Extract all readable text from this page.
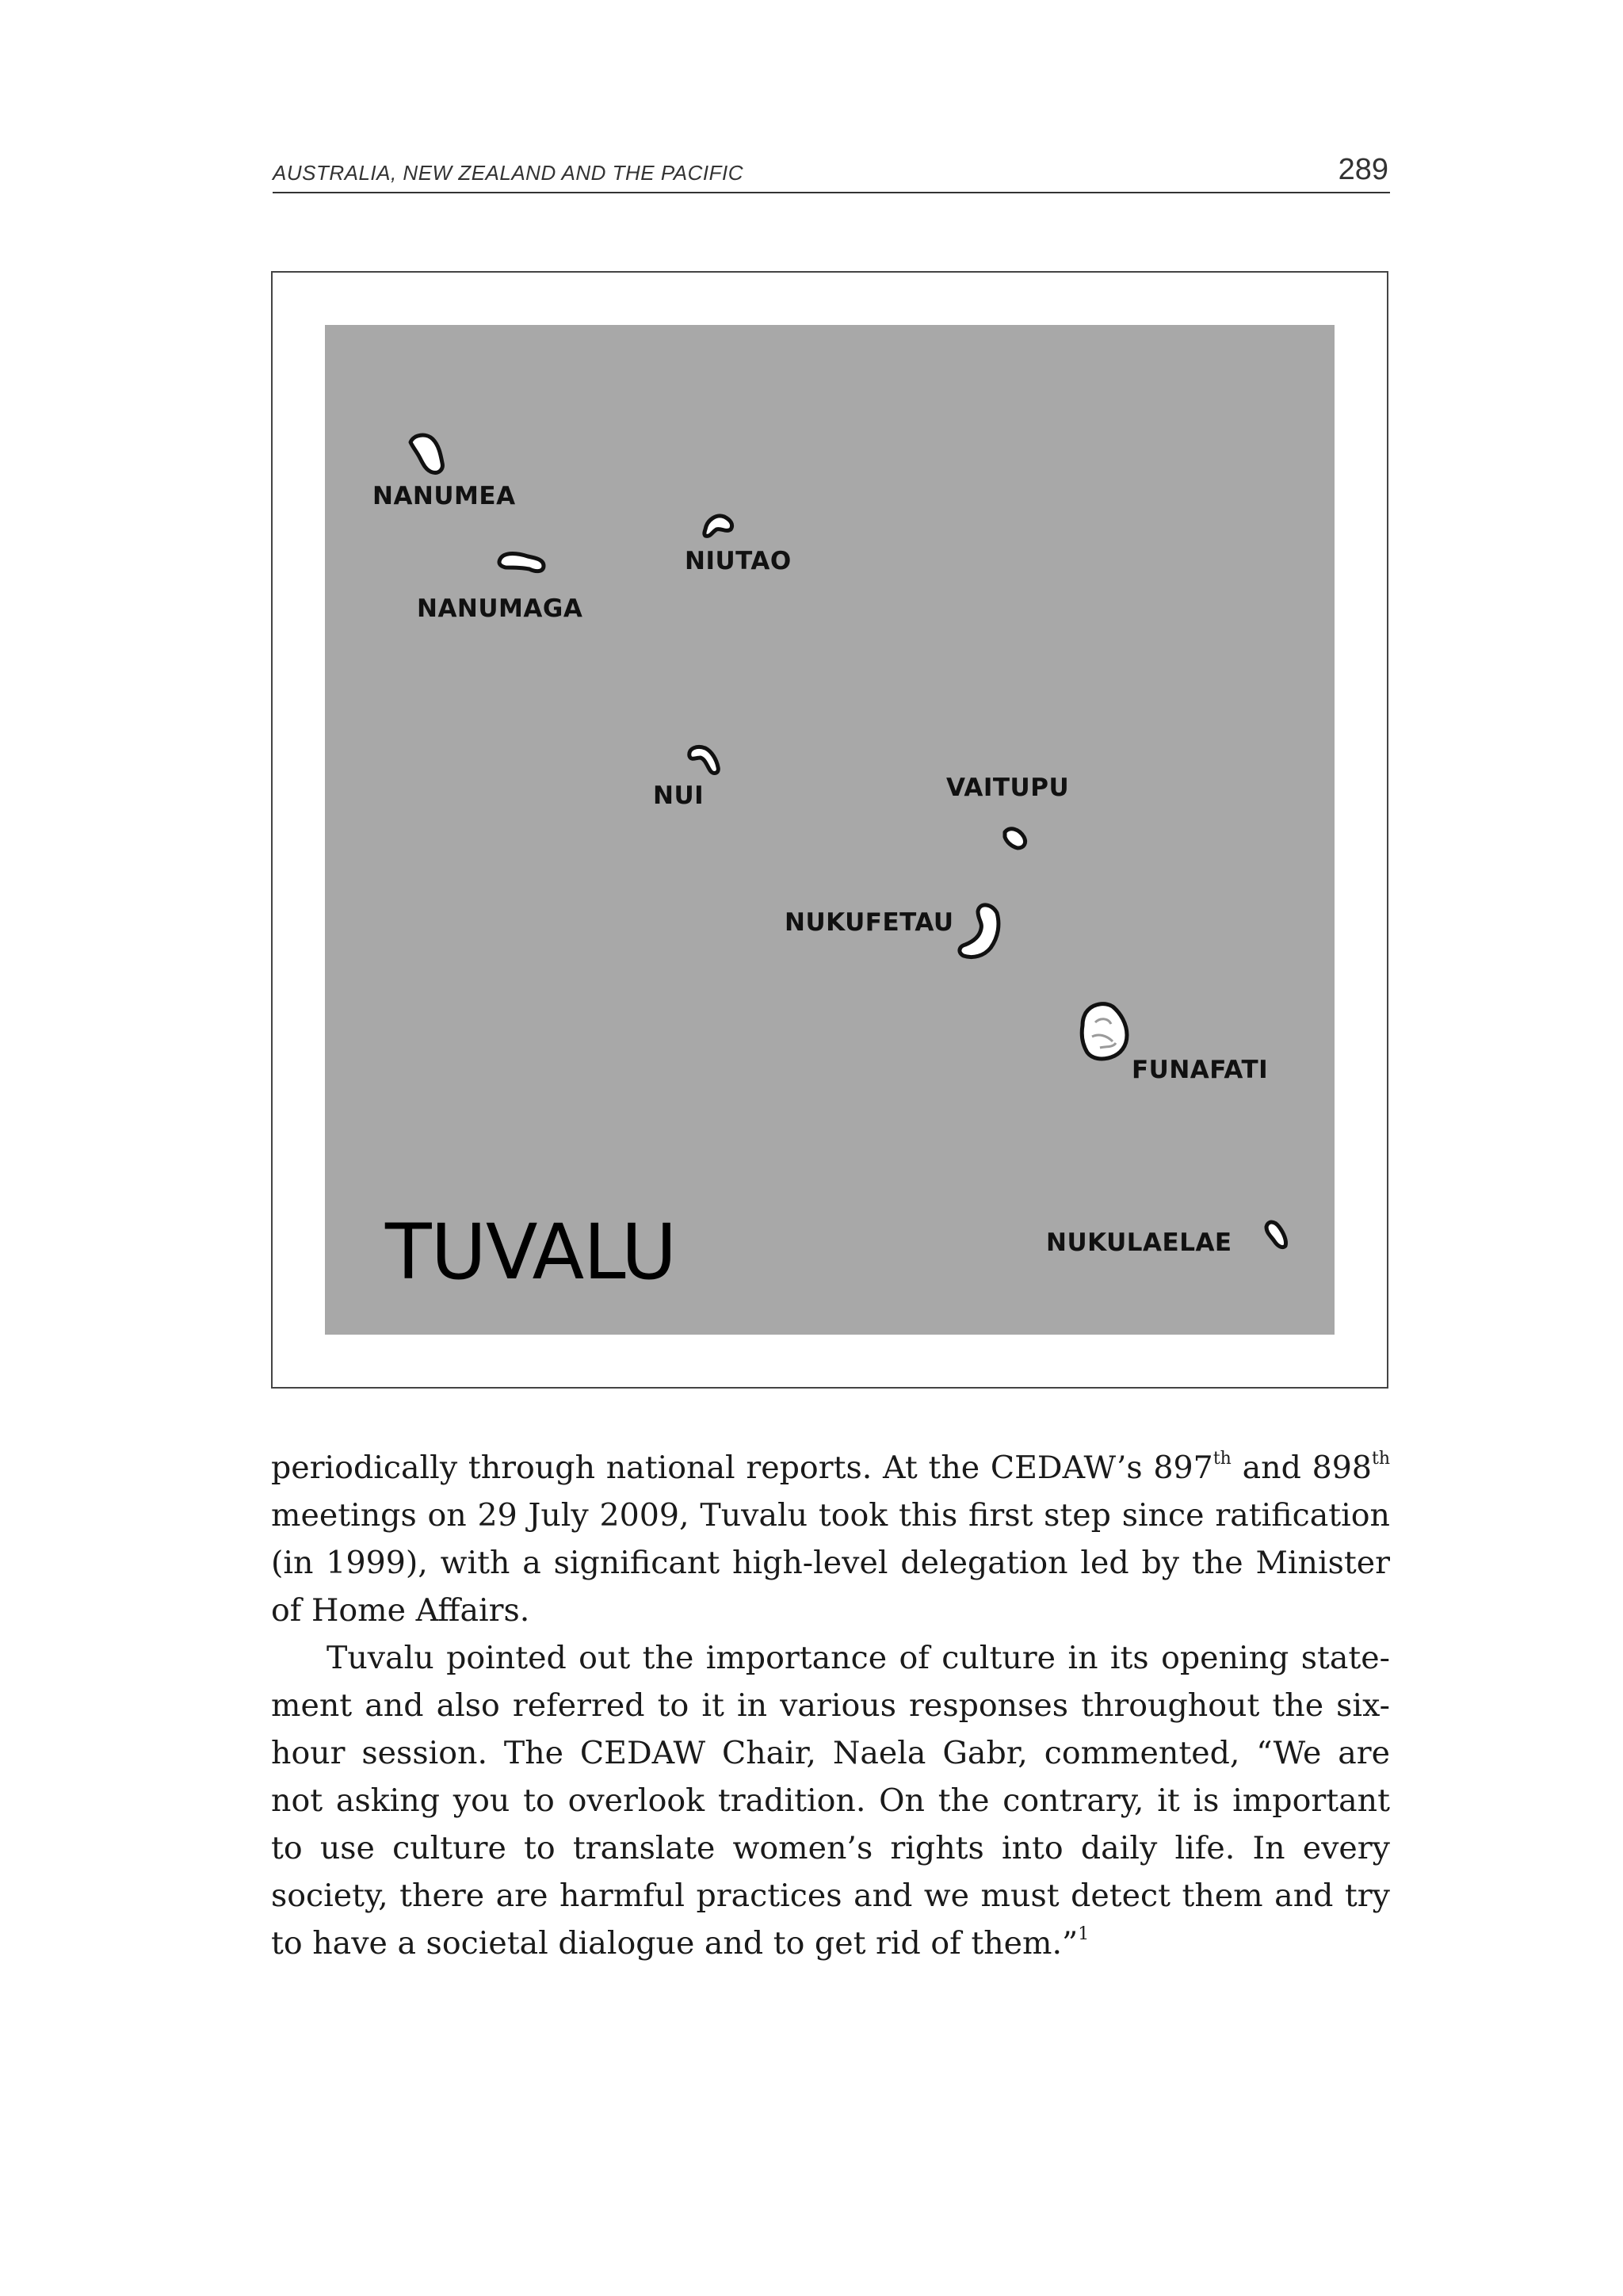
AUSTRALIA, NEW ZEALAND AND THE PACIFIC	289
NANUMEA
NIUTAO
NANUMAGA
NUI	VAITUPU
NUKUFETAU
FUNAFATI
NUKULAELAE
TUVALU

periodically through national reports. At the CEDAW’s 897th and 898th meetings on 29 July 2009, Tuvalu took this first step since ratification (in 1999), with a significant high-level delegation led by the Minister of Home Affairs.

Tuvalu pointed out the importance of culture in its opening statement and also referred to it in various responses throughout the six-hour session. The CEDAW Chair, Naela Gabr, commented, “We are not asking you to overlook tradition. On the contrary, it is important to use culture to translate women’s rights into daily life. In every society, there are harmful practices and we must detect them and try to have a societal dialogue and to get rid of them.”$^1$
